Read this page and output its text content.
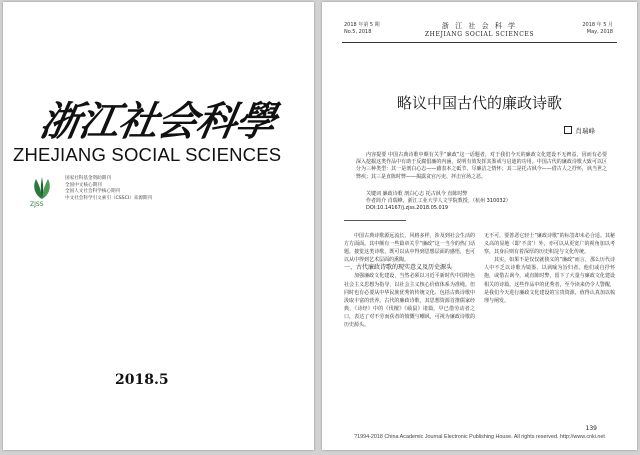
浙江社会科學
ZHEJIANG SOCIAL SCIENCES
ZJSS
国家社科基金资助期刊
全国中文核心期刊
全国人文社会科学核心期刊
中文社会科学引文索引（CSSCI）来源期刊
2018.5
2018 年第 5 期
No.5, 2018
浙 江 社 会 科 学
ZHEJIANG SOCIAL SCIENCES
2018 年 5 月
May, 2018
略议中国古代的廉政诗歌
肖瑞峰
内容提要 中国古典诗歌中颇有关乎“廉政”这一话题者，对于我们今天的廉政文化建设不无裨益，因而有必要深入挖掘这类作品中有助于反腐倡廉的内涵，说明有效发挥其鉴戒与启迪的功用。中国古代的廉政诗歌大致可以区分为三种类型：其一是剖白心志——藉表本之砥节、尽廉洁之情怀；其二是托古讽今——借古人之抒怀，讽当世之弊疾；其三是直陈时弊——揭露贪官污吏、抨击官场之恶。
关键词 廉政诗歌 剖白心志 托古讽今 直陈时弊
作者简介 肖瑞峰，浙江工业大学人文学院教授。（杭州 310032）
DOI:10.14167/j.zjss.2018.05.019

中国古典诗歌源远流长，风格多样，涉及到社会生活的方方面面。其中颇有一些篇章关乎“廉政”这一当今的热门话题。披览这类诗歌，既可以从中得到思想层面的感悟，也可以从中得到艺术层面的熏陶。

一、古代廉政诗歌的现实意义及历史源头

加强廉政文化建设，当然必须以习近平新时代中国特色社会主义思想为指导，以社会主义核心价值体系为准绳。但同时也有必要从中华民族优秀的传统文化、包括古典诗歌中汲取丰富的营养。古代的廉政诗歌，其思想资源首推儒家经典，《诗经》中的《伐檀》《硕鼠》诸篇，早已借劳动者之口，表达了对不劳而获者的愤慨与嘲讽，可视为廉政诗歌的历史源头。

无不可，要善恶它轻士“廉政诗歌”的标签却未必合适。其秘义高的显地（即‘不贪’）外，亦可以从更宽广的视角加以考察，其身后则有着深厚的历史积淀与文化传统。

其实，如果不是仅仅就狭义的“廉政”而言，那么历代诗人中不乏以诗歌为镜鉴、以讽喻为旨归者。他们或自抒怀抱，或借古讽今，或直陈时弊，留下了大量与廉政文化建设相关的诗篇。这些作品中的优秀者，至今读来仍令人警醒，是我们今天进行廉政文化建设的宝贵资源，值得认真加以梳理与阐发。

139
?1994-2018 China Academic Journal Electronic Publishing House. All rights reserved. http://www.cnki.net
